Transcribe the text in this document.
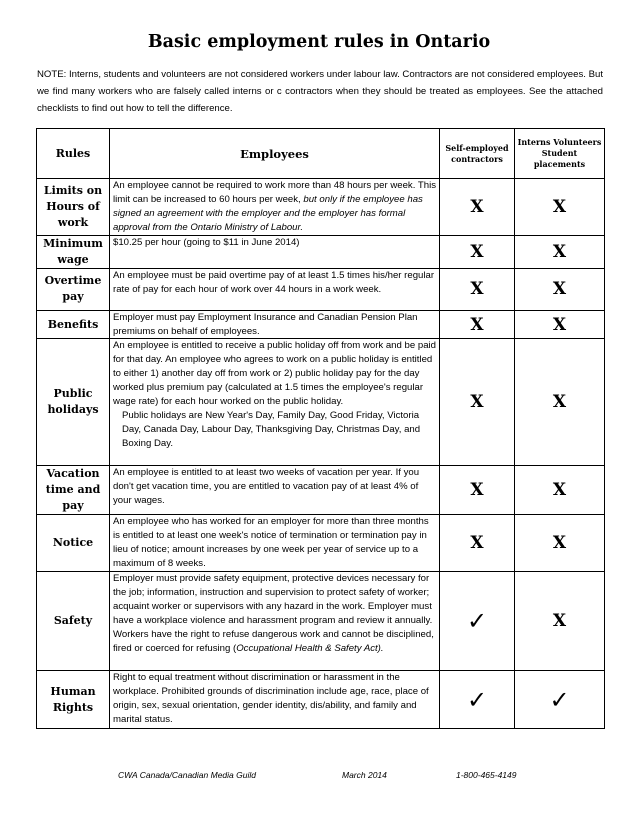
Basic employment rules in Ontario
NOTE: Interns, students and volunteers are not considered workers under labour law. Contractors are not considered employees. But we find many workers who are falsely called interns or c contractors when they should be treated as employees. See the attached checklists to find out how to tell the difference.
Rules	Employees	Self-employed contractors	Interns Volunteers Student placements
Limits on Hours of work	An employee cannot be required to work more than 48 hours per week. This limit can be increased to 60 hours per week, but only if the employee has signed an agreement with the employer and the employer has formal approval from the Ontario Ministry of Labour.	X	X
Minimum wage	$10.25 per hour (going to $11 in June 2014)	X	X
Overtime pay	An employee must be paid overtime pay of at least 1.5 times his/her regular rate of pay for each hour of work over 44 hours in a work week.	X	X
Benefits	Employer must pay Employment Insurance and Canadian Pension Plan premiums on behalf of employees.	X	X
Public holidays	An employee is entitled to receive a public holiday off from work and be paid for that day. An employee who agrees to work on a public holiday is entitled to either 1) another day off from work or 2) public holiday pay for the day worked plus premium pay (calculated at 1.5 times the employee's regular wage rate) for each hour worked on the public holiday.
Public holidays are New Year's Day, Family Day, Good Friday, Victoria Day, Canada Day, Labour Day, Thanksgiving Day, Christmas Day, and Boxing Day.	X	X
Vacation time and pay	An employee is entitled to at least two weeks of vacation per year. If you don't get vacation time, you are entitled to vacation pay of at least 4% of your wages.	X	X
Notice	An employee who has worked for an employer for more than three months is entitled to at least one week's notice of termination or termination pay in lieu of notice; amount increases by one week per year of service up to a maximum of 8 weeks.	X	X
Safety	Employer must provide safety equipment, protective devices necessary for the job; information, instruction and supervision to protect safety of worker; acquaint worker or supervisors with any hazard in the work. Employer must have a workplace violence and harassment program and review it annually. Workers have the right to refuse dangerous work and cannot be disciplined, fired or coerced for refusing (Occupational Health & Safety Act).	✓	X
Human Rights	Right to equal treatment without discrimination or harassment in the workplace. Prohibited grounds of discrimination include age, race, place of origin, sex, sexual orientation, gender identity, dis/ability, and family and marital status.	✓	✓
CWA Canada/Canadian Media Guild	March 2014	1-800-465-4149
